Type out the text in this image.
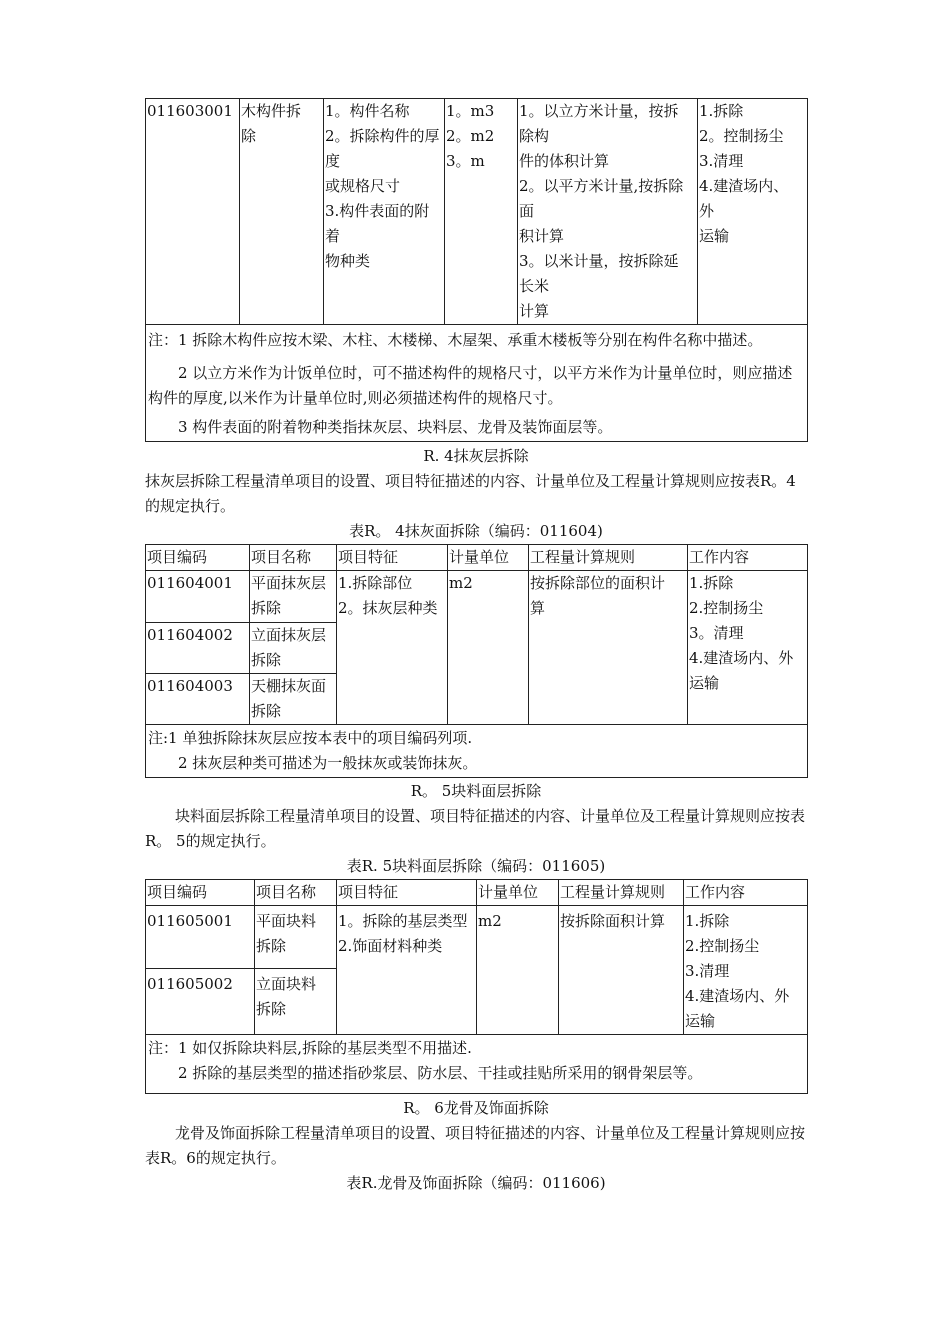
011603001	木构件拆
除	1。构件名称
2。拆除构件的厚
度
或规格尺寸
3.构件表面的附
着
物种类	1。m3
2。m2
3。m	1。以立方米计量，按拆
除构
件的体积计算
2。以平方米计量,按拆除
面
积计算
3。以米计量，按拆除延
长米
计算	1.拆除
2。控制扬尘
3.清理
4.建渣场内、
外
运输

注：1 拆除木构件应按木梁、木柱、木楼梯、木屋架、承重木楼板等分别在构件名称中描述。
2 以立方米作为计饭单位时，可不描述构件的规格尺寸，以平方米作为计量单位时，则应描述构件的厚度,以米作为计量单位时,则必须描述构件的规格尺寸。
3 构件表面的附着物种类指抹灰层、块料层、龙骨及装饰面层等。
R. 4抹灰层拆除

抹灰层拆除工程量清单项目的设置、项目特征描述的内容、计量单位及工程量计算规则应按表R。4　的规定执行。

表R。 4抹灰面拆除（编码：011604)
项目编码	项目名称	项目特征	计量单位	工程量计算规则	工作内容
011604001	平面抹灰层
拆除	1.拆除部位
2。抹灰层种类	m2	按拆除部位的面积计
算	1.拆除
2.控制扬尘
3。清理
4.建渣场内、外
运输
011604002	立面抹灰层
拆除				
011604003	天棚抹灰面
拆除				

注:1 单独拆除抹灰层应按本表中的项目编码列项.
2 抹灰层种类可描述为一般抹灰或装饰抹灰。					
R。 5块料面层拆除

块料面层拆除工程量清单项目的设置、项目特征描述的内容、计量单位及工程量计算规则应按表R。 5的规定执行。

表R. 5块料面层拆除（编码：011605)
项目编码	项目名称	项目特征	计量单位	工程量计算规则	工作内容
011605001	平面块料
拆除	1。拆除的基层类型
2.饰面材料种类	m2	按拆除面积计算	1.拆除
2.控制扬尘
3.清理
4.建渣场内、外
运输
011605002	立面块料
拆除				

注：1 如仅拆除块料层,拆除的基层类型不用描述.
2 拆除的基层类型的描述指砂浆层、防水层、干挂或挂贴所采用的钢骨架层等。					
R。 6龙骨及饰面拆除

龙骨及饰面拆除工程量清单项目的设置、项目特征描述的内容、计量单位及工程量计算规则应按表R。6的规定执行。

表R.龙骨及饰面拆除（编码：011606)
